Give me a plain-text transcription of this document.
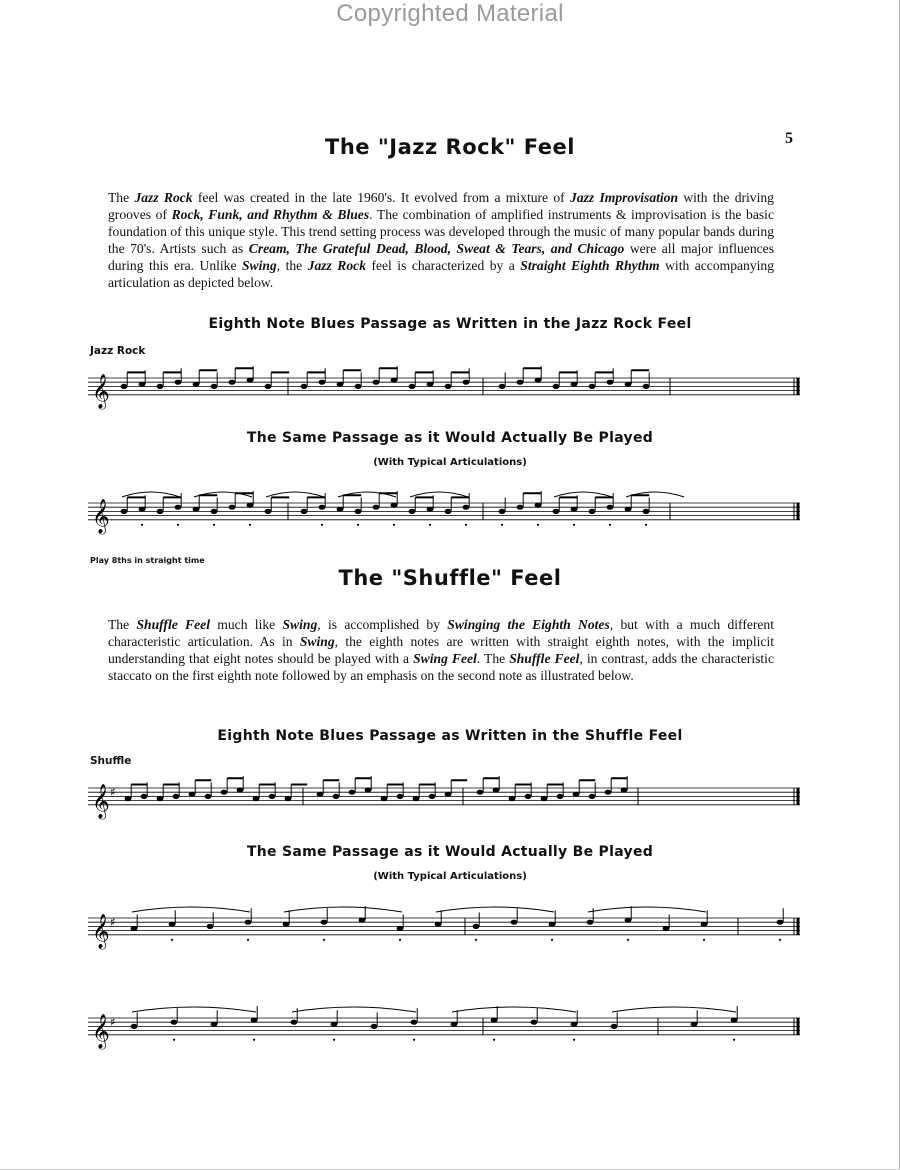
Copyrighted Material
5
The "Jazz Rock" Feel
The Jazz Rock feel was created in the late 1960's. It evolved from a mixture of Jazz Improvisation with the driving grooves of Rock, Funk, and Rhythm & Blues. The combination of amplified instruments & improvisation is the basic foundation of this unique style. This trend setting process was developed through the music of many popular bands during the 70's. Artists such as Cream, The Grateful Dead, Blood, Sweat & Tears, and Chicago were all major influences during this era. Unlike Swing, the Jazz Rock feel is characterized by a Straight Eighth Rhythm with accompanying articulation as depicted below.
Eighth Note Blues Passage as Written in the Jazz Rock Feel
Jazz Rock
𝄞
The Same Passage as it Would Actually Be Played
(With Typical Articulations)
𝄞
Play 8ths in straight time
The "Shuffle" Feel
The Shuffle Feel much like Swing, is accomplished by Swinging the Eighth Notes, but with a much different characteristic articulation. As in Swing, the eighth notes are written with straight eighth notes, with the implicit understanding that eight notes should be played with a Swing Feel. The Shuffle Feel, in contrast, adds the characteristic staccato on the first eighth note followed by an emphasis on the second note as illustrated below.
Eighth Note Blues Passage as Written in the Shuffle Feel
Shuffle
𝄞 ♯
The Same Passage as it Would Actually Be Played
(With Typical Articulations)
𝄞 ♯
𝄞 ♯
